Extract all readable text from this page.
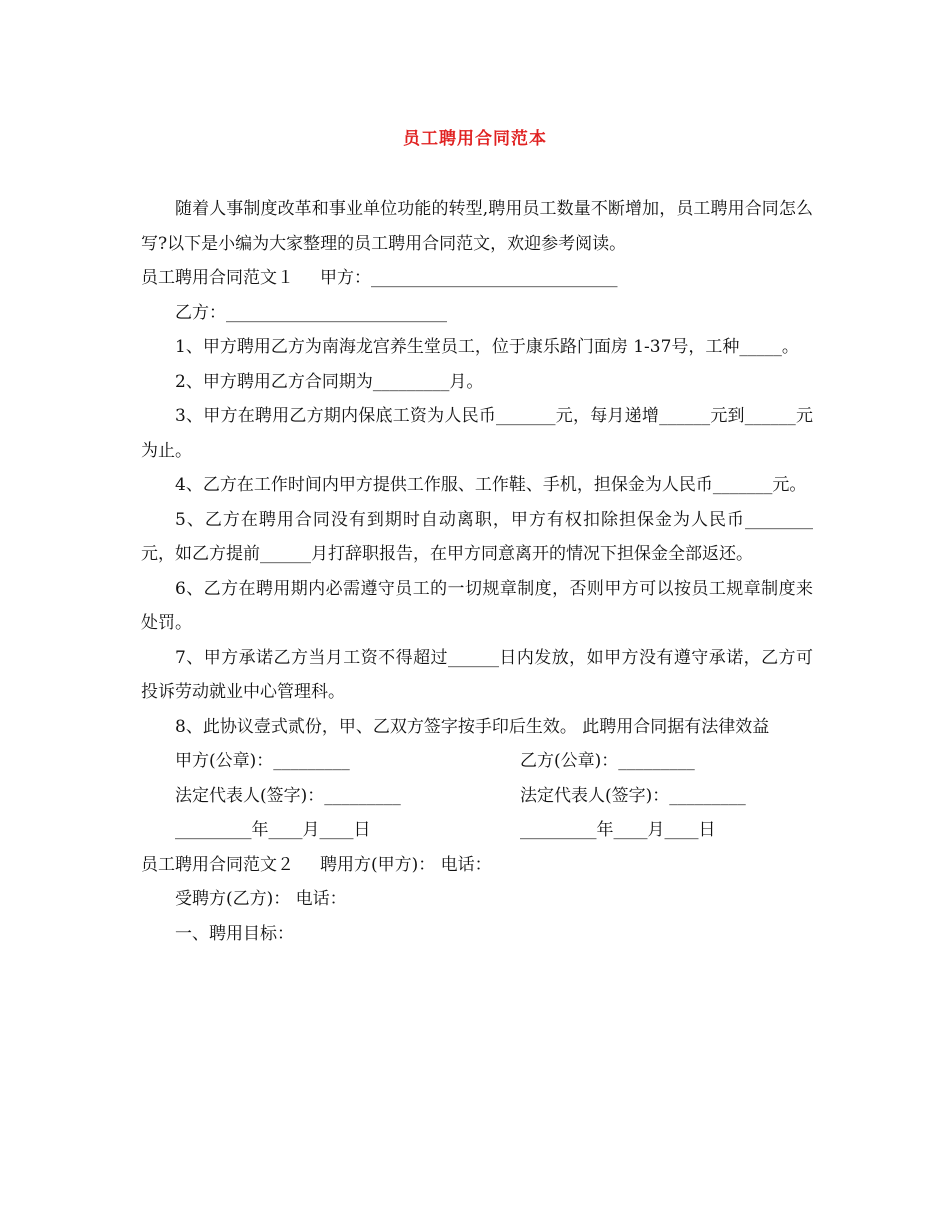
员工聘用合同范本

随着人事制度改革和事业单位功能的转型,聘用员工数量不断增加，员工聘用合同怎么写?以下是小编为大家整理的员工聘用合同范文，欢迎参考阅读。

员工聘用合同范文１ 甲方：_____________________________

乙方：__________________________

1、甲方聘用乙方为南海龙宫养生堂员工，位于康乐路门面房 1-37号，工种_____。

2、甲方聘用乙方合同期为_________月。

3、甲方在聘用乙方期内保底工资为人民币_______元，每月递增______元到______元为止。

4、乙方在工作时间内甲方提供工作服、工作鞋、手机，担保金为人民币_______元。

5、乙方在聘用合同没有到期时自动离职，甲方有权扣除担保金为人民币________元，如乙方提前______月打辞职报告，在甲方同意离开的情况下担保金全部返还。

6、乙方在聘用期内必需遵守员工的一切规章制度，否则甲方可以按员工规章制度来处罚。

7、甲方承诺乙方当月工资不得超过______日内发放，如甲方没有遵守承诺，乙方可投诉劳动就业中心管理科。

8、此协议壹式贰份，甲、乙双方签字按手印后生效。 此聘用合同据有法律效益

甲方(公章)：_________	乙方(公章)：_________
法定代表人(签字)：_________	法定代表人(签字)：_________
_________年____月____日	_________年____月____日

员工聘用合同范文２ 聘用方(甲方)： 电话：

受聘方(乙方)： 电话：

一、聘用目标：
